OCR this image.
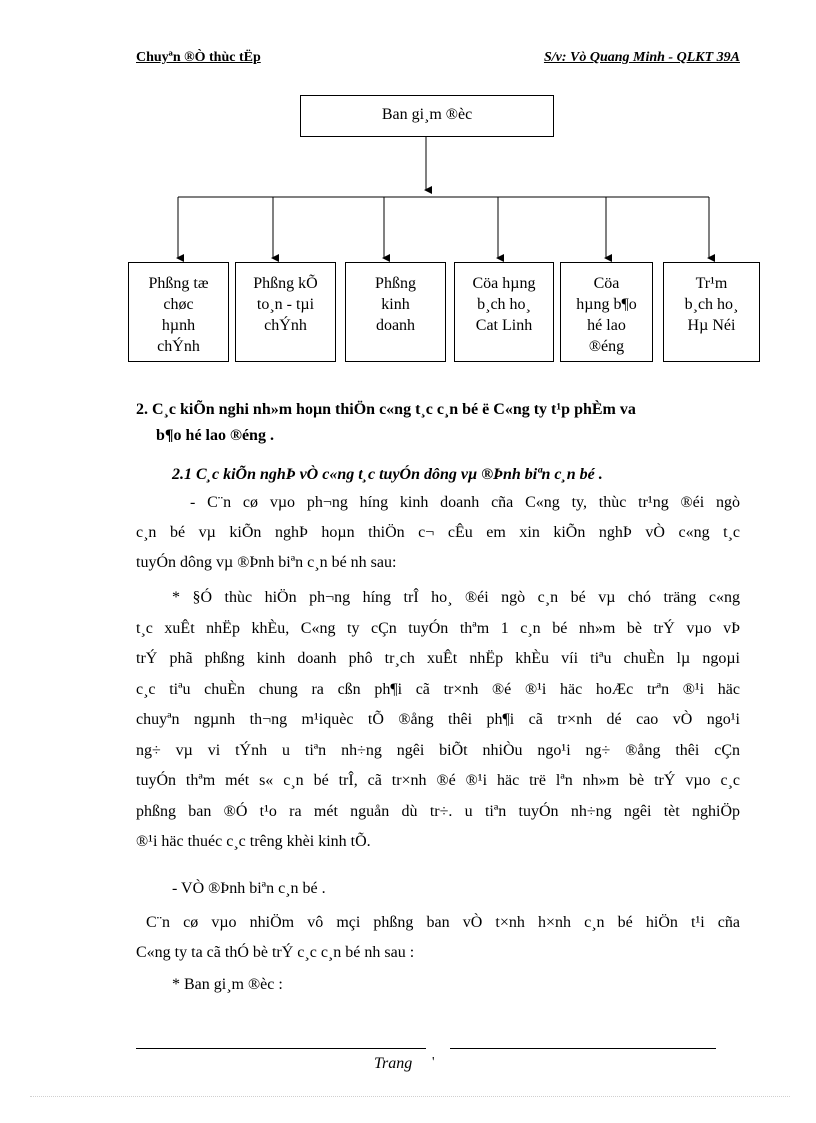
Chuyªn ®Ò thùc tËp	S/v: Vò Quang Minh - QLKT 39A
Ban gi¸m ®èc
Phßng tæ
chøc
hµnh
chÝnh
Phßng kÕ
to¸n - tµi
chÝnh
Phßng
kinh
doanh
Cöa hµng
b¸ch ho¸
Cat Linh
Cöa
hµng b¶o
hé lao
®éng
Tr¹m
b¸ch ho¸
Hµ Néi
2. C¸c kiÕn nghi nh»m hoµn thiÖn c«ng t¸c c¸n bé ë C«ng ty t¹p phÈm va
b¶o hé lao ®éng .
2.1 C¸c kiÕn nghÞ vÒ c«ng t¸c tuyÓn dông vµ ®Þnh biªn c¸n bé .
- C¨n cø vµo ph¬ng híng kinh doanh cña C«ng ty, thùc tr¹ng ®éi ngò
c¸n bé vµ kiÕn nghÞ hoµn thiÖn c¬ cÊu em xin kiÕn nghÞ vÒ c«ng t¸c
tuyÓn dông vµ ®Þnh biªn c¸n bé nh sau:
* §Ó thùc hiÖn ph¬ng híng trÎ ho¸ ®éi ngò c¸n bé vµ chó träng c«ng
t¸c xuÊt nhËp khÈu, C«ng ty cÇn tuyÓn thªm 1 c¸n bé nh»m bè trÝ vµo vÞ
trÝ phã phßng kinh doanh phô tr¸ch xuÊt nhËp khÈu víi tiªu chuÈn lµ ngoµi
c¸c tiªu chuÈn chung ra cßn ph¶i cã tr×nh ®é ®¹i häc hoÆc trªn ®¹i häc
chuyªn ngµnh th¬ng m¹iquèc tÕ ®ång thêi ph¶i cã tr×nh dé cao vÒ ngo¹i
ng÷ vµ vi tÝnh u tiªn nh÷ng ngêi biÕt nhiÒu ngo¹i ng÷ ®ång thêi cÇn
tuyÓn thªm mét s« c¸n bé trÎ, cã tr×nh ®é ®¹i häc trë lªn nh»m bè trÝ vµo c¸c
phßng ban ®Ó t¹o ra mét nguån dù tr÷. u tiªn tuyÓn nh÷ng ngêi tèt nghiÖp
®¹i häc thuéc c¸c trêng khèi kinh tÕ.
- VÒ ®Þnh biªn c¸n bé .
C¨n cø vµo nhiÖm vô mçi phßng ban vÒ t×nh h×nh c¸n bé hiÖn t¹i cña
C«ng ty ta cã thÓ bè trÝ c¸c c¸n bé nh sau :
* Ban gi¸m ®èc :
Trang '
